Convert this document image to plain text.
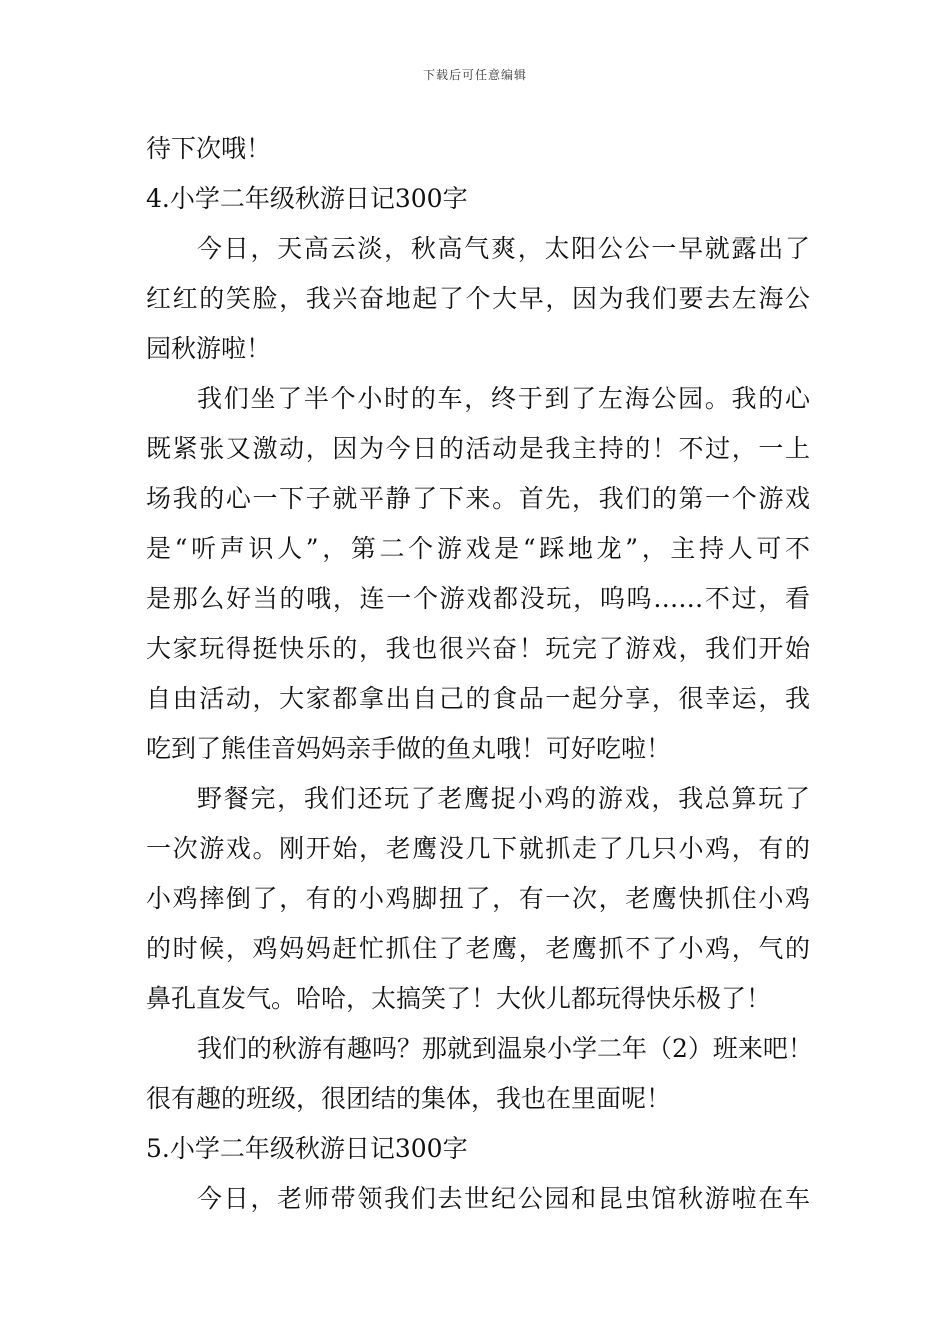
下载后可任意编辑
待下次哦！
4.小学二年级秋游日记300字
今日，天高云淡，秋高气爽，太阳公公一早就露出了
红红的笑脸，我兴奋地起了个大早，因为我们要去左海公
园秋游啦！
我们坐了半个小时的车，终于到了左海公园。我的心
既紧张又激动，因为今日的活动是我主持的！不过，一上
场我的心一下子就平静了下来。首先，我们的第一个游戏
是“听声识人”，第二个游戏是“踩地龙”，主持人可不
是那么好当的哦，连一个游戏都没玩，呜呜……不过，看
大家玩得挺快乐的，我也很兴奋！玩完了游戏，我们开始
自由活动，大家都拿出自己的食品一起分享，很幸运，我
吃到了熊佳音妈妈亲手做的鱼丸哦！可好吃啦！
野餐完，我们还玩了老鹰捉小鸡的游戏，我总算玩了
一次游戏。刚开始，老鹰没几下就抓走了几只小鸡，有的
小鸡摔倒了，有的小鸡脚扭了，有一次，老鹰快抓住小鸡
的时候，鸡妈妈赶忙抓住了老鹰，老鹰抓不了小鸡，气的
鼻孔直发气。哈哈，太搞笑了！大伙儿都玩得快乐极了！
我们的秋游有趣吗？那就到温泉小学二年（2）班来吧！
很有趣的班级，很团结的集体，我也在里面呢！
5.小学二年级秋游日记300字
今日，老师带领我们去世纪公园和昆虫馆秋游啦在车
